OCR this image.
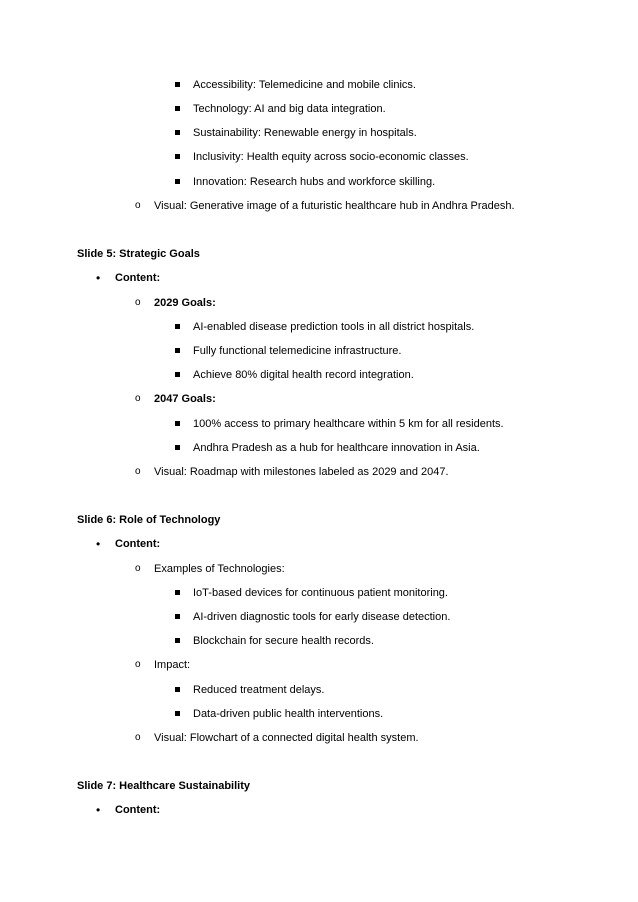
Accessibility: Telemedicine and mobile clinics.
Technology: AI and big data integration.
Sustainability: Renewable energy in hospitals.
Inclusivity: Health equity across socio-economic classes.
Innovation: Research hubs and workforce skilling.
o Visual: Generative image of a futuristic healthcare hub in Andhra Pradesh.
Slide 5: Strategic Goals
• Content:
o 2029 Goals:
AI-enabled disease prediction tools in all district hospitals.
Fully functional telemedicine infrastructure.
Achieve 80% digital health record integration.
o 2047 Goals:
100% access to primary healthcare within 5 km for all residents.
Andhra Pradesh as a hub for healthcare innovation in Asia.
o Visual: Roadmap with milestones labeled as 2029 and 2047.
Slide 6: Role of Technology
• Content:
o Examples of Technologies:
IoT-based devices for continuous patient monitoring.
AI-driven diagnostic tools for early disease detection.
Blockchain for secure health records.
o Impact:
Reduced treatment delays.
Data-driven public health interventions.
o Visual: Flowchart of a connected digital health system.
Slide 7: Healthcare Sustainability
• Content:
